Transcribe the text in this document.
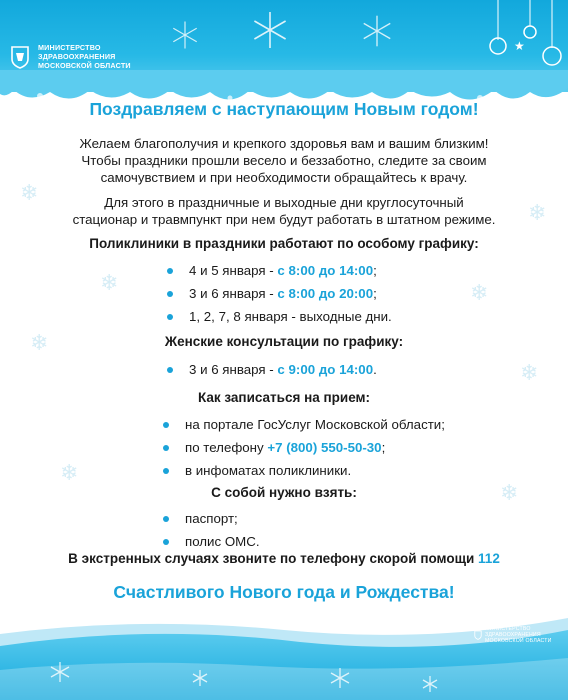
★
МИНИСТЕРСТВО
ЗДРАВООХРАНЕНИЯ
МОСКОВСКОЙ ОБЛАСТИ
❄
❄
❄
❄
❄
❄
❄	❄
Поздравляем с наступающим Новым годом!
Желаем благополучия и крепкого здоровья вам и вашим близким!
Чтобы праздники прошли весело и беззаботно, следите за своим
самочувствием и при необходимости обращайтесь к врачу.
Для этого в праздничные и выходные дни круглосуточный
стационар и травмпункт при нем будут работать в штатном режиме.
Поликлиники в праздники работают по особому графику:
4 и 5 января - с 8:00 до 14:00;
3 и 6 января - с 8:00 до 20:00;
1, 2, 7, 8 января - выходные дни.
Женские консультации по графику:
3 и 6 января - с 9:00 до 14:00.
Как записаться на прием:
на портале ГосУслуг Московской области;
по телефону +7 (800) 550-50-30;
в инфоматах поликлиники.
С собой нужно взять:
паспорт;
полис ОМС.
В экстренных случаях звоните по телефону скорой помощи 112
Счастливого Нового года и Рождества!
МИНИСТЕРСТВО
ЗДРАВООХРАНЕНИЯ
МОСКОВСКОЙ ОБЛАСТИ
